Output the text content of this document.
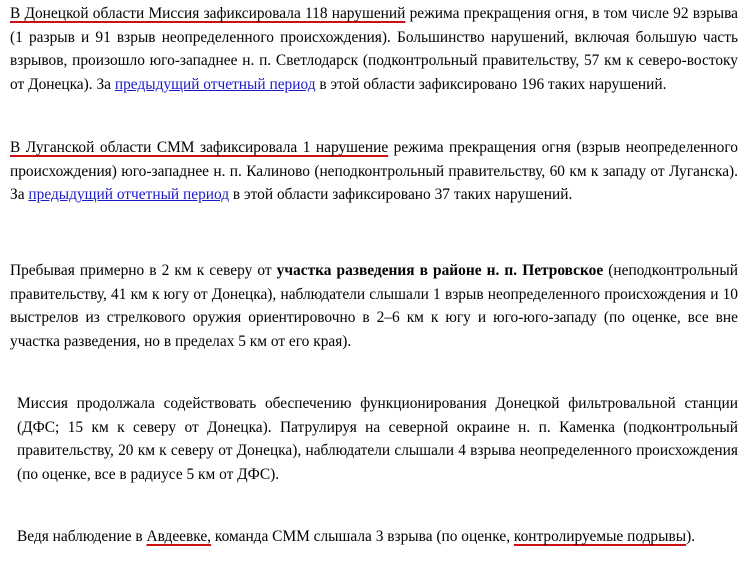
В Донецкой области Миссия зафиксировала 118 нарушений режима прекращения огня, в том числе 92 взрыва (1 разрыв и 91 взрыв неопределенного происхождения). Большинство нарушений, включая большую часть взрывов, произошло юго-западнее н. п. Светлодарск (подконтрольный правительству, 57 км к северо-востоку от Донецка). За предыдущий отчетный период в этой области зафиксировано 196 таких нарушений.

В Луганской области СММ зафиксировала 1 нарушение режима прекращения огня (взрыв неопределенного происхождения) юго-западнее н. п. Калиново (неподконтрольный правительству, 60 км к западу от Луганска). За предыдущий отчетный период в этой области зафиксировано 37 таких нарушений.

Пребывая примерно в 2 км к северу от участка разведения в районе н. п. Петровское (неподконтрольный правительству, 41 км к югу от Донецка), наблюдатели слышали 1 взрыв неопределенного происхождения и 10 выстрелов из стрелкового оружия ориентировочно в 2–6 км к югу и юго-юго-западу (по оценке, все вне участка разведения, но в пределах 5 км от его края).

Миссия продолжала содействовать обеспечению функционирования Донецкой фильтровальной станции (ДФС; 15 км к северу от Донецка). Патрулируя на северной окраине н. п. Каменка (подконтрольный правительству, 20 км к северу от Донецка), наблюдатели слышали 4 взрыва неопределенного происхождения (по оценке, все в радиусе 5 км от ДФС).

Ведя наблюдение в Авдеевке, команда СММ слышала 3 взрыва (по оценке, контролируемые подрывы).
